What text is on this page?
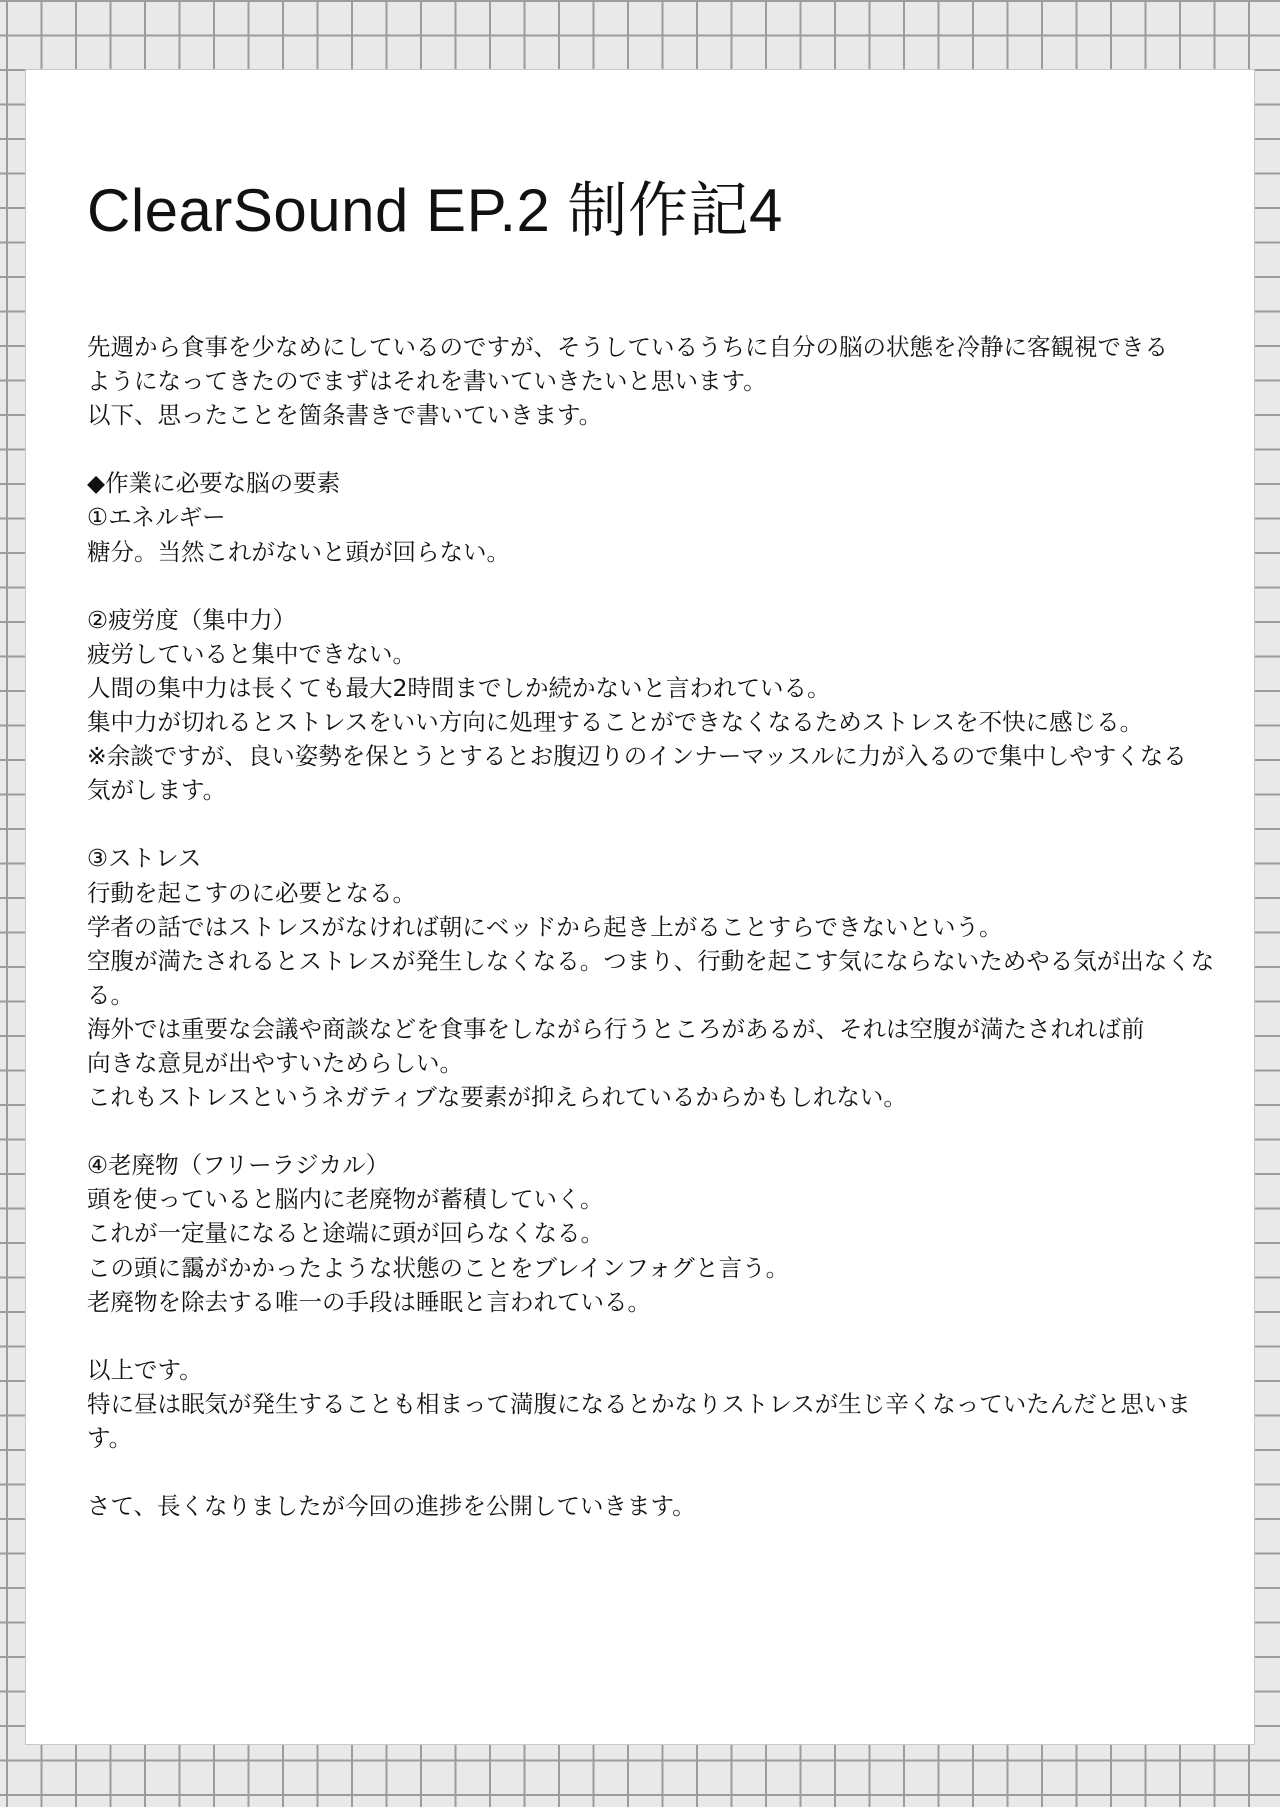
ClearSound EP.2 制作記4
先週から食事を少なめにしているのですが、そうしているうちに自分の脳の状態を冷静に客観視できる
ようになってきたのでまずはそれを書いていきたいと思います。
以下、思ったことを箇条書きで書いていきます。
◆作業に必要な脳の要素
①エネルギー
糖分。当然これがないと頭が回らない。
②疲労度（集中力）
疲労していると集中できない。
人間の集中力は長くても最大2時間までしか続かないと言われている。
集中力が切れるとストレスをいい方向に処理することができなくなるためストレスを不快に感じる。
※余談ですが、良い姿勢を保とうとするとお腹辺りのインナーマッスルに力が入るので集中しやすくなる
気がします。
③ストレス
行動を起こすのに必要となる。
学者の話ではストレスがなければ朝にベッドから起き上がることすらできないという。
空腹が満たされるとストレスが発生しなくなる。つまり、行動を起こす気にならないためやる気が出なくな
る。
海外では重要な会議や商談などを食事をしながら行うところがあるが、それは空腹が満たされれば前
向きな意見が出やすいためらしい。
これもストレスというネガティブな要素が抑えられているからかもしれない。
④老廃物（フリーラジカル）
頭を使っていると脳内に老廃物が蓄積していく。
これが一定量になると途端に頭が回らなくなる。
この頭に靄がかかったような状態のことをブレインフォグと言う。
老廃物を除去する唯一の手段は睡眠と言われている。
以上です。
特に昼は眠気が発生することも相まって満腹になるとかなりストレスが生じ辛くなっていたんだと思いま
す。
さて、長くなりましたが今回の進捗を公開していきます。
